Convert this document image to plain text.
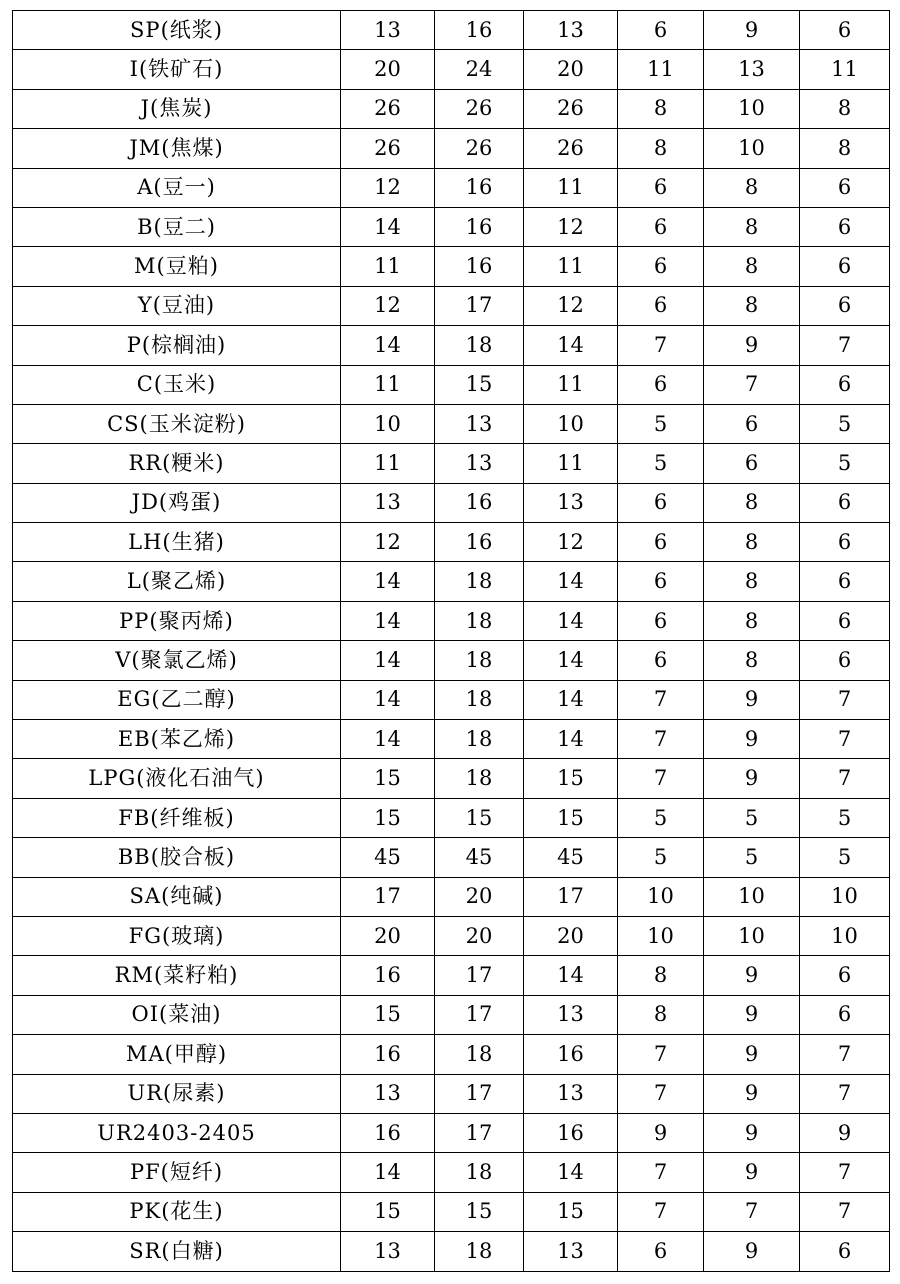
SP(纸浆)	13	16	13	6	9	6
I(铁矿石)	20	24	20	11	13	11
J(焦炭)	26	26	26	8	10	8
JM(焦煤)	26	26	26	8	10	8
A(豆一)	12	16	11	6	8	6
B(豆二)	14	16	12	6	8	6
M(豆粕)	11	16	11	6	8	6
Y(豆油)	12	17	12	6	8	6
P(棕榈油)	14	18	14	7	9	7
C(玉米)	11	15	11	6	7	6
CS(玉米淀粉)	10	13	10	5	6	5
RR(粳米)	11	13	11	5	6	5
JD(鸡蛋)	13	16	13	6	8	6
LH(生猪)	12	16	12	6	8	6
L(聚乙烯)	14	18	14	6	8	6
PP(聚丙烯)	14	18	14	6	8	6
V(聚氯乙烯)	14	18	14	6	8	6
EG(乙二醇)	14	18	14	7	9	7
EB(苯乙烯)	14	18	14	7	9	7
LPG(液化石油气)	15	18	15	7	9	7
FB(纤维板)	15	15	15	5	5	5
BB(胶合板)	45	45	45	5	5	5
SA(纯碱)	17	20	17	10	10	10
FG(玻璃)	20	20	20	10	10	10
RM(菜籽粕)	16	17	14	8	9	6
OI(菜油)	15	17	13	8	9	6
MA(甲醇)	16	18	16	7	9	7
UR(尿素)	13	17	13	7	9	7
UR2403-2405	16	17	16	9	9	9
PF(短纤)	14	18	14	7	9	7
PK(花生)	15	15	15	7	7	7
SR(白糖)	13	18	13	6	9	6
